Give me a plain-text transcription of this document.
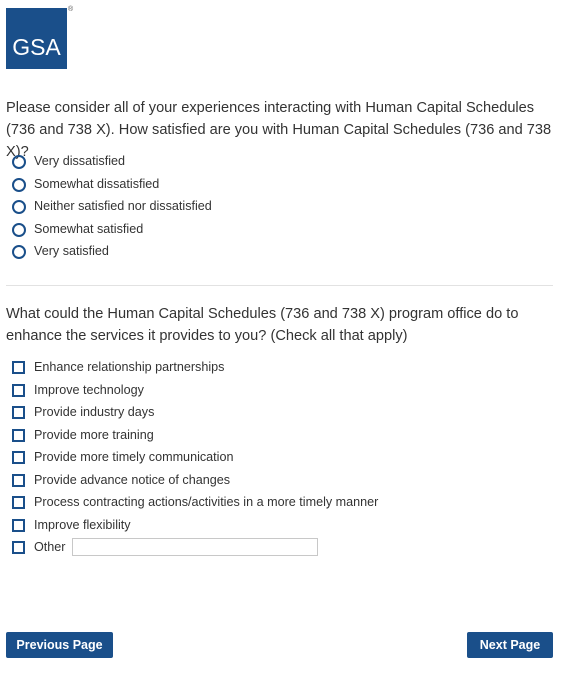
GSA
®
Please consider all of your experiences interacting with Human Capital Schedules (736 and 738 X). How satisfied are you with Human Capital Schedules (736 and 738 X)?
Very dissatisfied
Somewhat dissatisfied
Neither satisfied nor dissatisfied
Somewhat satisfied
Very satisfied
What could the Human Capital Schedules (736 and 738 X) program office do to enhance the services it provides to you? (Check all that apply)
Enhance relationship partnerships
Improve technology
Provide industry days
Provide more training
Provide more timely communication
Provide advance notice of changes
Process contracting actions/activities in a more timely manner
Improve flexibility
Other
Previous Page	Next Page
